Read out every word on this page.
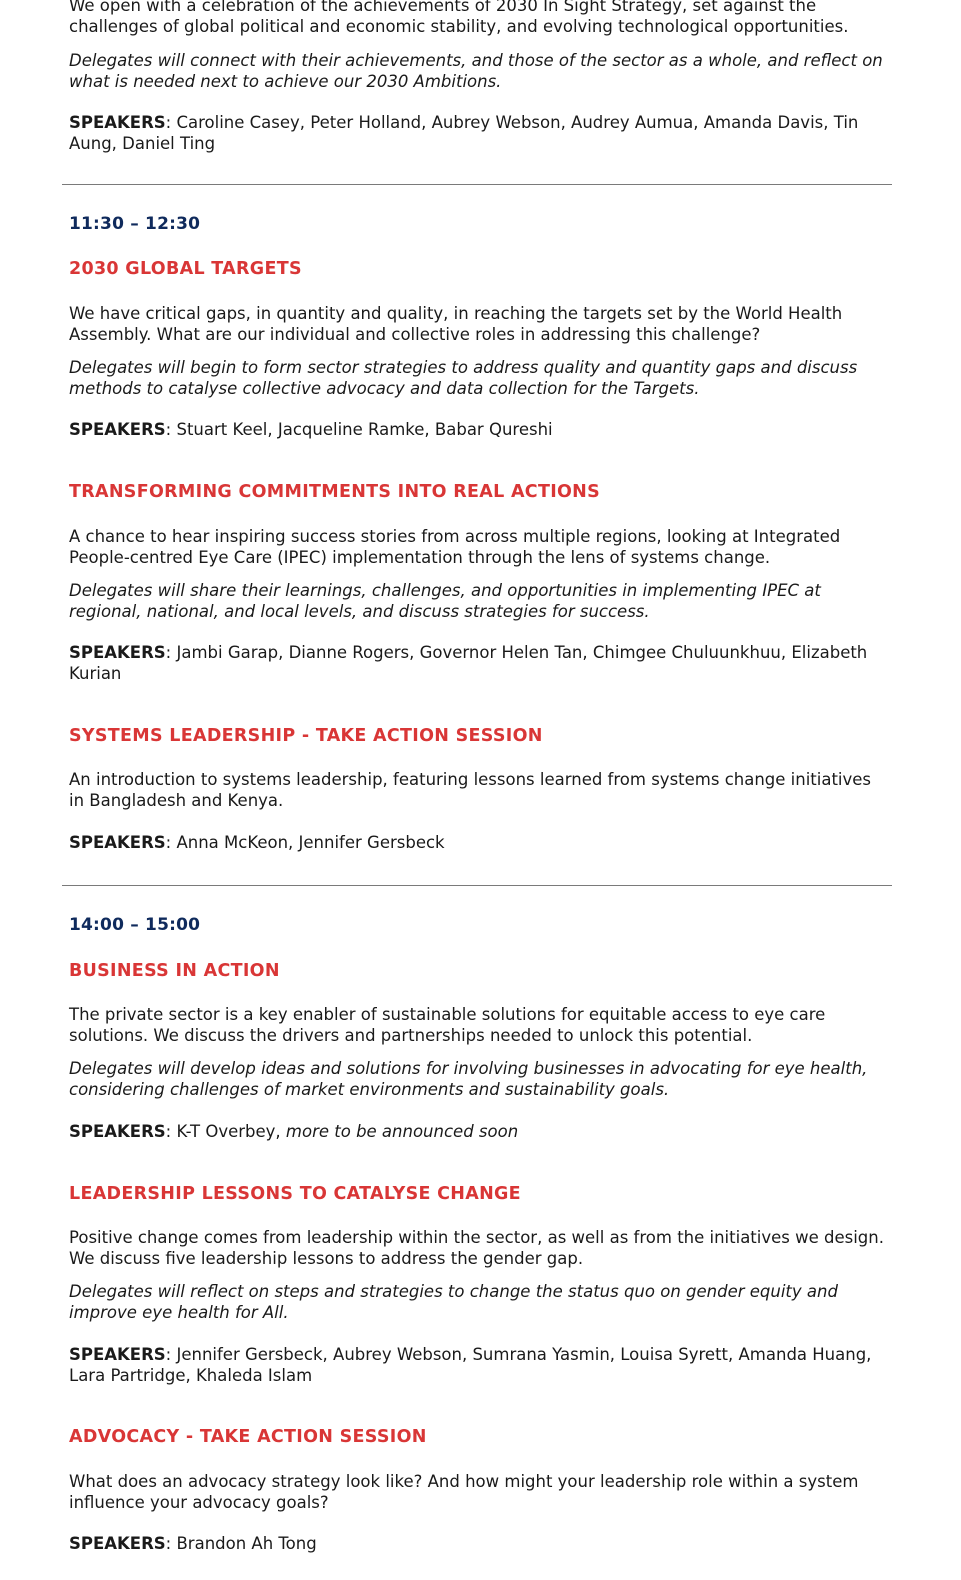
We open with a celebration of the achievements of 2030 In Sight Strategy, set against the challenges of global political and economic stability, and evolving technological opportunities.

Delegates will connect with their achievements, and those of the sector as a whole, and reflect on what is needed next to achieve our 2030 Ambitions.

SPEAKERS: Caroline Casey, Peter Holland, Aubrey Webson, Audrey Aumua, Amanda Davis, Tin Aung, Daniel Ting

11:30 – 12:30
2030 GLOBAL TARGETS

We have critical gaps, in quantity and quality, in reaching the targets set by the World Health Assembly. What are our individual and collective roles in addressing this challenge?

Delegates will begin to form sector strategies to address quality and quantity gaps and discuss methods to catalyse collective advocacy and data collection for the Targets.

SPEAKERS: Stuart Keel, Jacqueline Ramke, Babar Qureshi

TRANSFORMING COMMITMENTS INTO REAL ACTIONS

A chance to hear inspiring success stories from across multiple regions, looking at Integrated People-centred Eye Care (IPEC) implementation through the lens of systems change.

Delegates will share their learnings, challenges, and opportunities in implementing IPEC at regional, national, and local levels, and discuss strategies for success.

SPEAKERS: Jambi Garap, Dianne Rogers, Governor Helen Tan, Chimgee Chuluunkhuu, Elizabeth Kurian

SYSTEMS LEADERSHIP - TAKE ACTION SESSION

An introduction to systems leadership, featuring lessons learned from systems change initiatives in Bangladesh and Kenya.

SPEAKERS: Anna McKeon, Jennifer Gersbeck

14:00 – 15:00
BUSINESS IN ACTION

The private sector is a key enabler of sustainable solutions for equitable access to eye care solutions. We discuss the drivers and partnerships needed to unlock this potential.

Delegates will develop ideas and solutions for involving businesses in advocating for eye health, considering challenges of market environments and sustainability goals.

SPEAKERS: K-T Overbey, more to be announced soon

LEADERSHIP LESSONS TO CATALYSE CHANGE

Positive change comes from leadership within the sector, as well as from the initiatives we design. We discuss five leadership lessons to address the gender gap.

Delegates will reflect on steps and strategies to change the status quo on gender equity and improve eye health for All.

SPEAKERS: Jennifer Gersbeck, Aubrey Webson, Sumrana Yasmin, Louisa Syrett, Amanda Huang, Lara Partridge, Khaleda Islam

ADVOCACY - TAKE ACTION SESSION

What does an advocacy strategy look like? And how might your leadership role within a system influence your advocacy goals?

SPEAKERS: Brandon Ah Tong
